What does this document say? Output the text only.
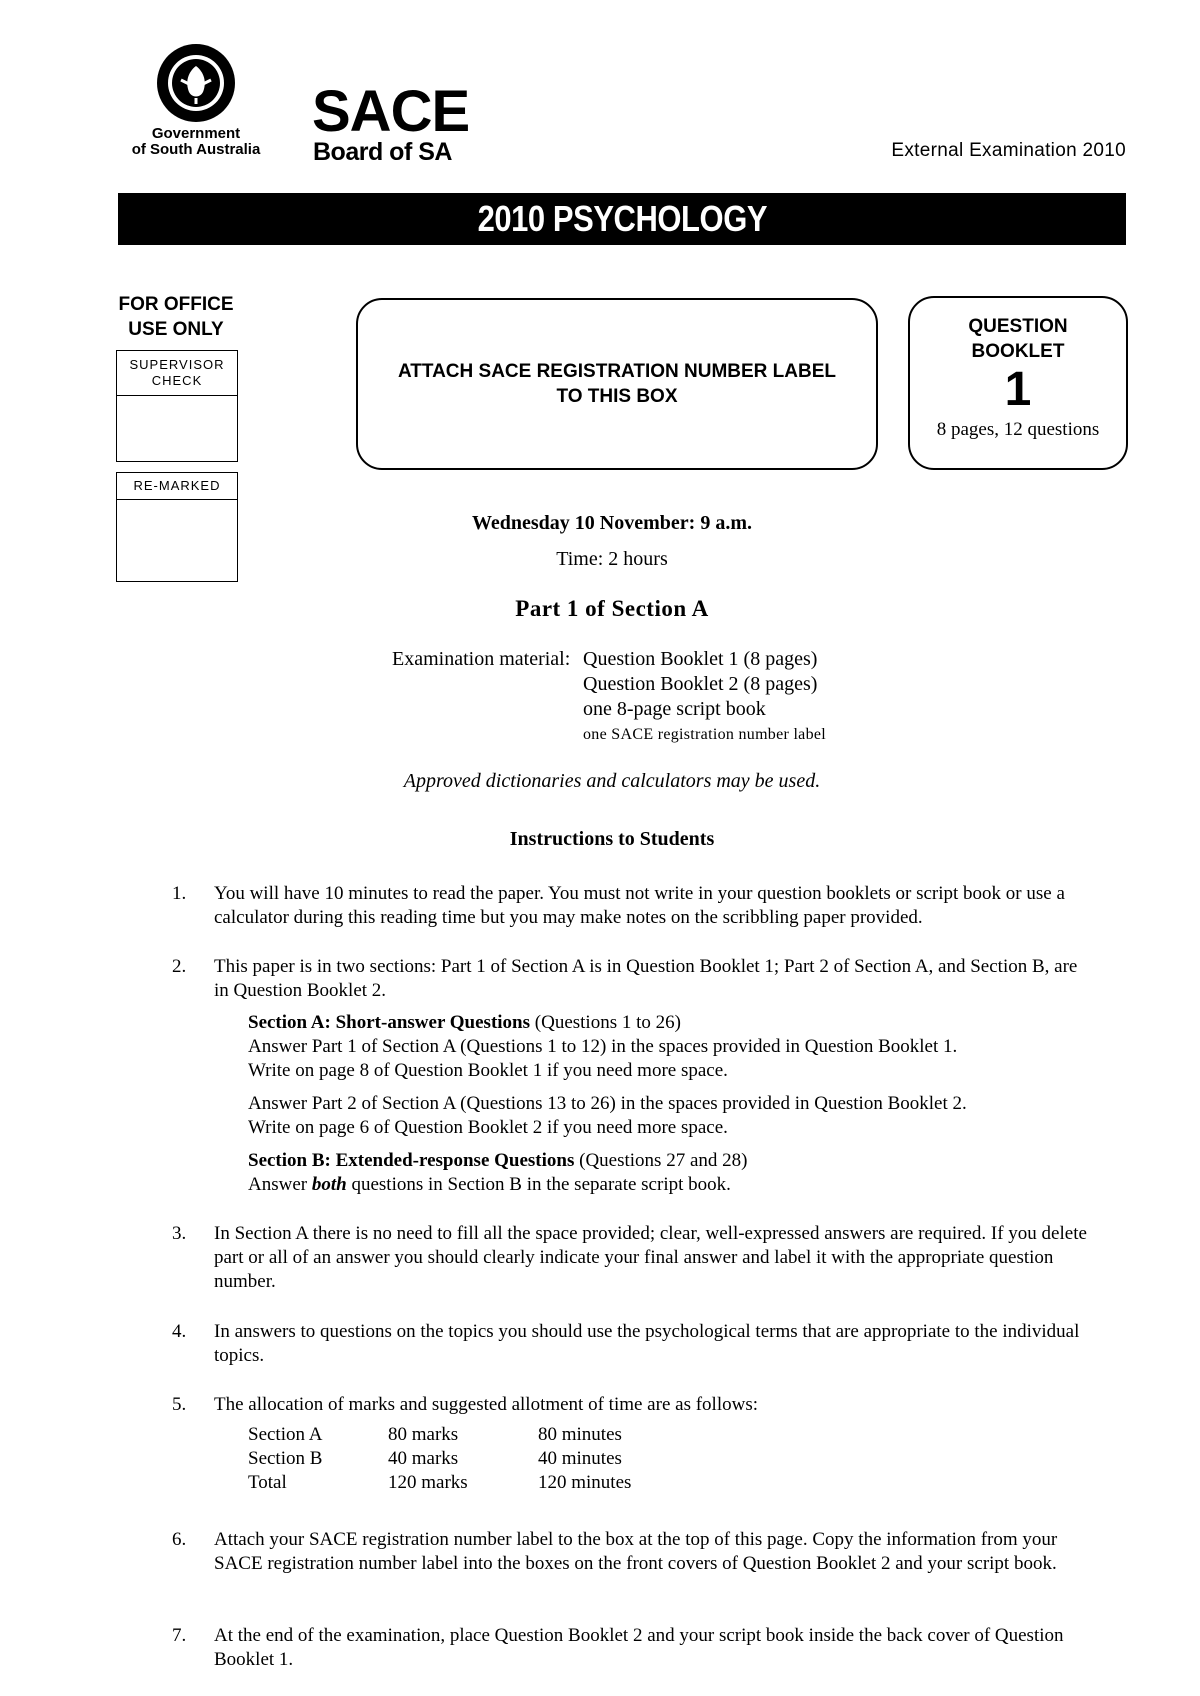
Government
of South Australia
SACE
Board of SA	External Examination 2010
2010 PSYCHOLOGY
FOR OFFICE
USE ONLY
SUPERVISOR
CHECK
RE-MARKED
ATTACH SACE REGISTRATION NUMBER LABEL
TO THIS BOX
QUESTION
BOOKLET
1
8 pages, 12 questions
Wednesday 10 November: 9 a.m.
Time: 2 hours
Part 1 of Section A
Examination material: Question Booklet 1 (8 pages)
Question Booklet 2 (8 pages)
one 8-page script book
one SACE registration number label
Approved dictionaries and calculators may be used.
Instructions to Students
1.	You will have 10 minutes to read the paper. You must not write in your question booklets or script book or use a calculator during this reading time but you may make notes on the scribbling paper provided.
2.	This paper is in two sections: Part 1 of Section A is in Question Booklet 1; Part 2 of Section A, and Section B, are in Question Booklet 2.
Section A: Short-answer Questions (Questions 1 to 26)
Answer Part 1 of Section A (Questions 1 to 12) in the spaces provided in Question Booklet 1.
Write on page 8 of Question Booklet 1 if you need more space.
Answer Part 2 of Section A (Questions 13 to 26) in the spaces provided in Question Booklet 2.
Write on page 6 of Question Booklet 2 if you need more space.
Section B: Extended-response Questions (Questions 27 and 28)
Answer both questions in Section B in the separate script book.
3.	In Section A there is no need to fill all the space provided; clear, well-expressed answers are required. If you delete part or all of an answer you should clearly indicate your final answer and label it with the appropriate question number.
4.	In answers to questions on the topics you should use the psychological terms that are appropriate to the individual topics.
5.	The allocation of marks and suggested allotment of time are as follows:
Section A	80 marks	80 minutes
Section B	40 marks	40 minutes
Total	120 marks	120 minutes
6.	Attach your SACE registration number label to the box at the top of this page. Copy the information from your SACE registration number label into the boxes on the front covers of Question Booklet 2 and your script book.
7.	At the end of the examination, place Question Booklet 2 and your script book inside the back cover of Question Booklet 1.
